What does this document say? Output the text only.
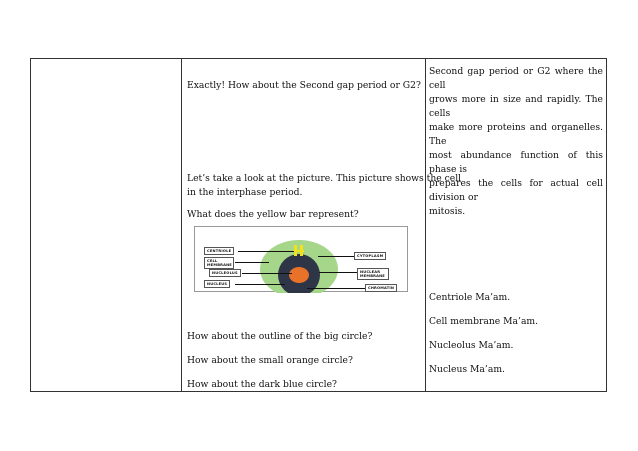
Exactly! How about the Second gap period or G2?
Let’s take a look at the picture. This picture shows the cell
in the interphase period.
What does the yellow bar represent?
CENTRIOLE
CELL MEMBRANE
NUCLEOLUS
NUCLEUS
CYTOPLASM
NUCLEAR MEMBRANE
CHROMATIN
How about the outline of the big circle?
How about the small orange circle?
How about the dark blue circle?
Second gap period or G2 where the cell
grows more in size and rapidly. The cells
make more proteins and organelles. The
most abundance function of this phase is
prepares the cells for actual cell division or
mitosis.
Centriole Ma’am.
Cell membrane Ma’am.
Nucleolus Ma’am.
Nucleus Ma’am.
